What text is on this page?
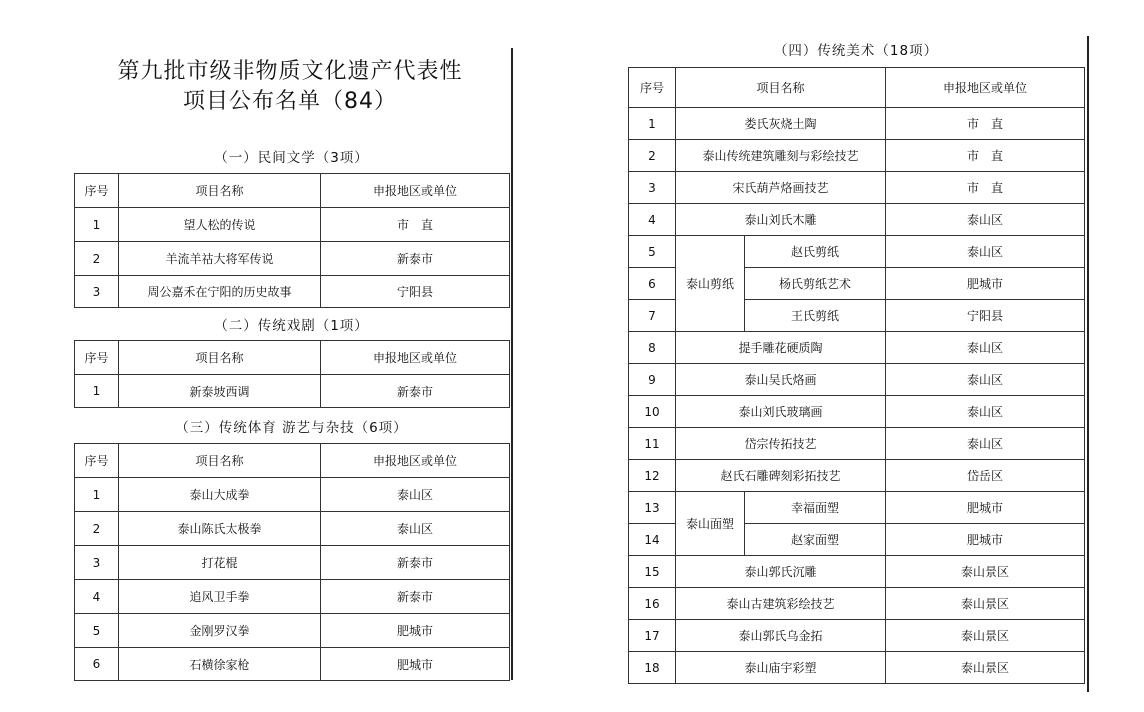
第九批市级非物质文化遗产代表性
项目公布名单（84）
（一）民间文学（3项）
序号	项目名称	申报地区或单位
1	望人松的传说	市　直
2	羊流羊祜大将军传说	新泰市
3	周公嘉禾在宁阳的历史故事	宁阳县
（二）传统戏剧（1项）
序号	项目名称	申报地区或单位
1	新泰坡西调	新泰市
（三）传统体育 游艺与杂技（6项）
序号	项目名称	申报地区或单位
1	泰山大成拳	泰山区
2	泰山陈氏太极拳	泰山区
3	打花棍	新泰市
4	追风卫手拳	新泰市
5	金刚罗汉拳	肥城市
6	石横徐家枪	肥城市
（四）传统美术（18项）
序号	项目名称		申报地区或单位
1	娄氏灰烧土陶		市　直
2	泰山传统建筑雕刻与彩绘技艺		市　直
3	宋氏葫芦烙画技艺		市　直
4	泰山刘氏木雕		泰山区
5	泰山剪纸	赵氏剪纸	泰山区
6		杨氏剪纸艺术	肥城市
7		王氏剪纸	宁阳县
8	提手雕花硬质陶		泰山区
9	泰山吴氏烙画		泰山区
10	泰山刘氏玻璃画		泰山区
11	岱宗传拓技艺		泰山区
12	赵氏石雕碑刻彩拓技艺		岱岳区
13	泰山面塑	幸福面塑	肥城市
14		赵家面塑	肥城市
15	泰山郭氏沉雕		泰山景区
16	泰山古建筑彩绘技艺		泰山景区
17	泰山郭氏乌金拓		泰山景区
18	泰山庙宇彩塑		泰山景区
